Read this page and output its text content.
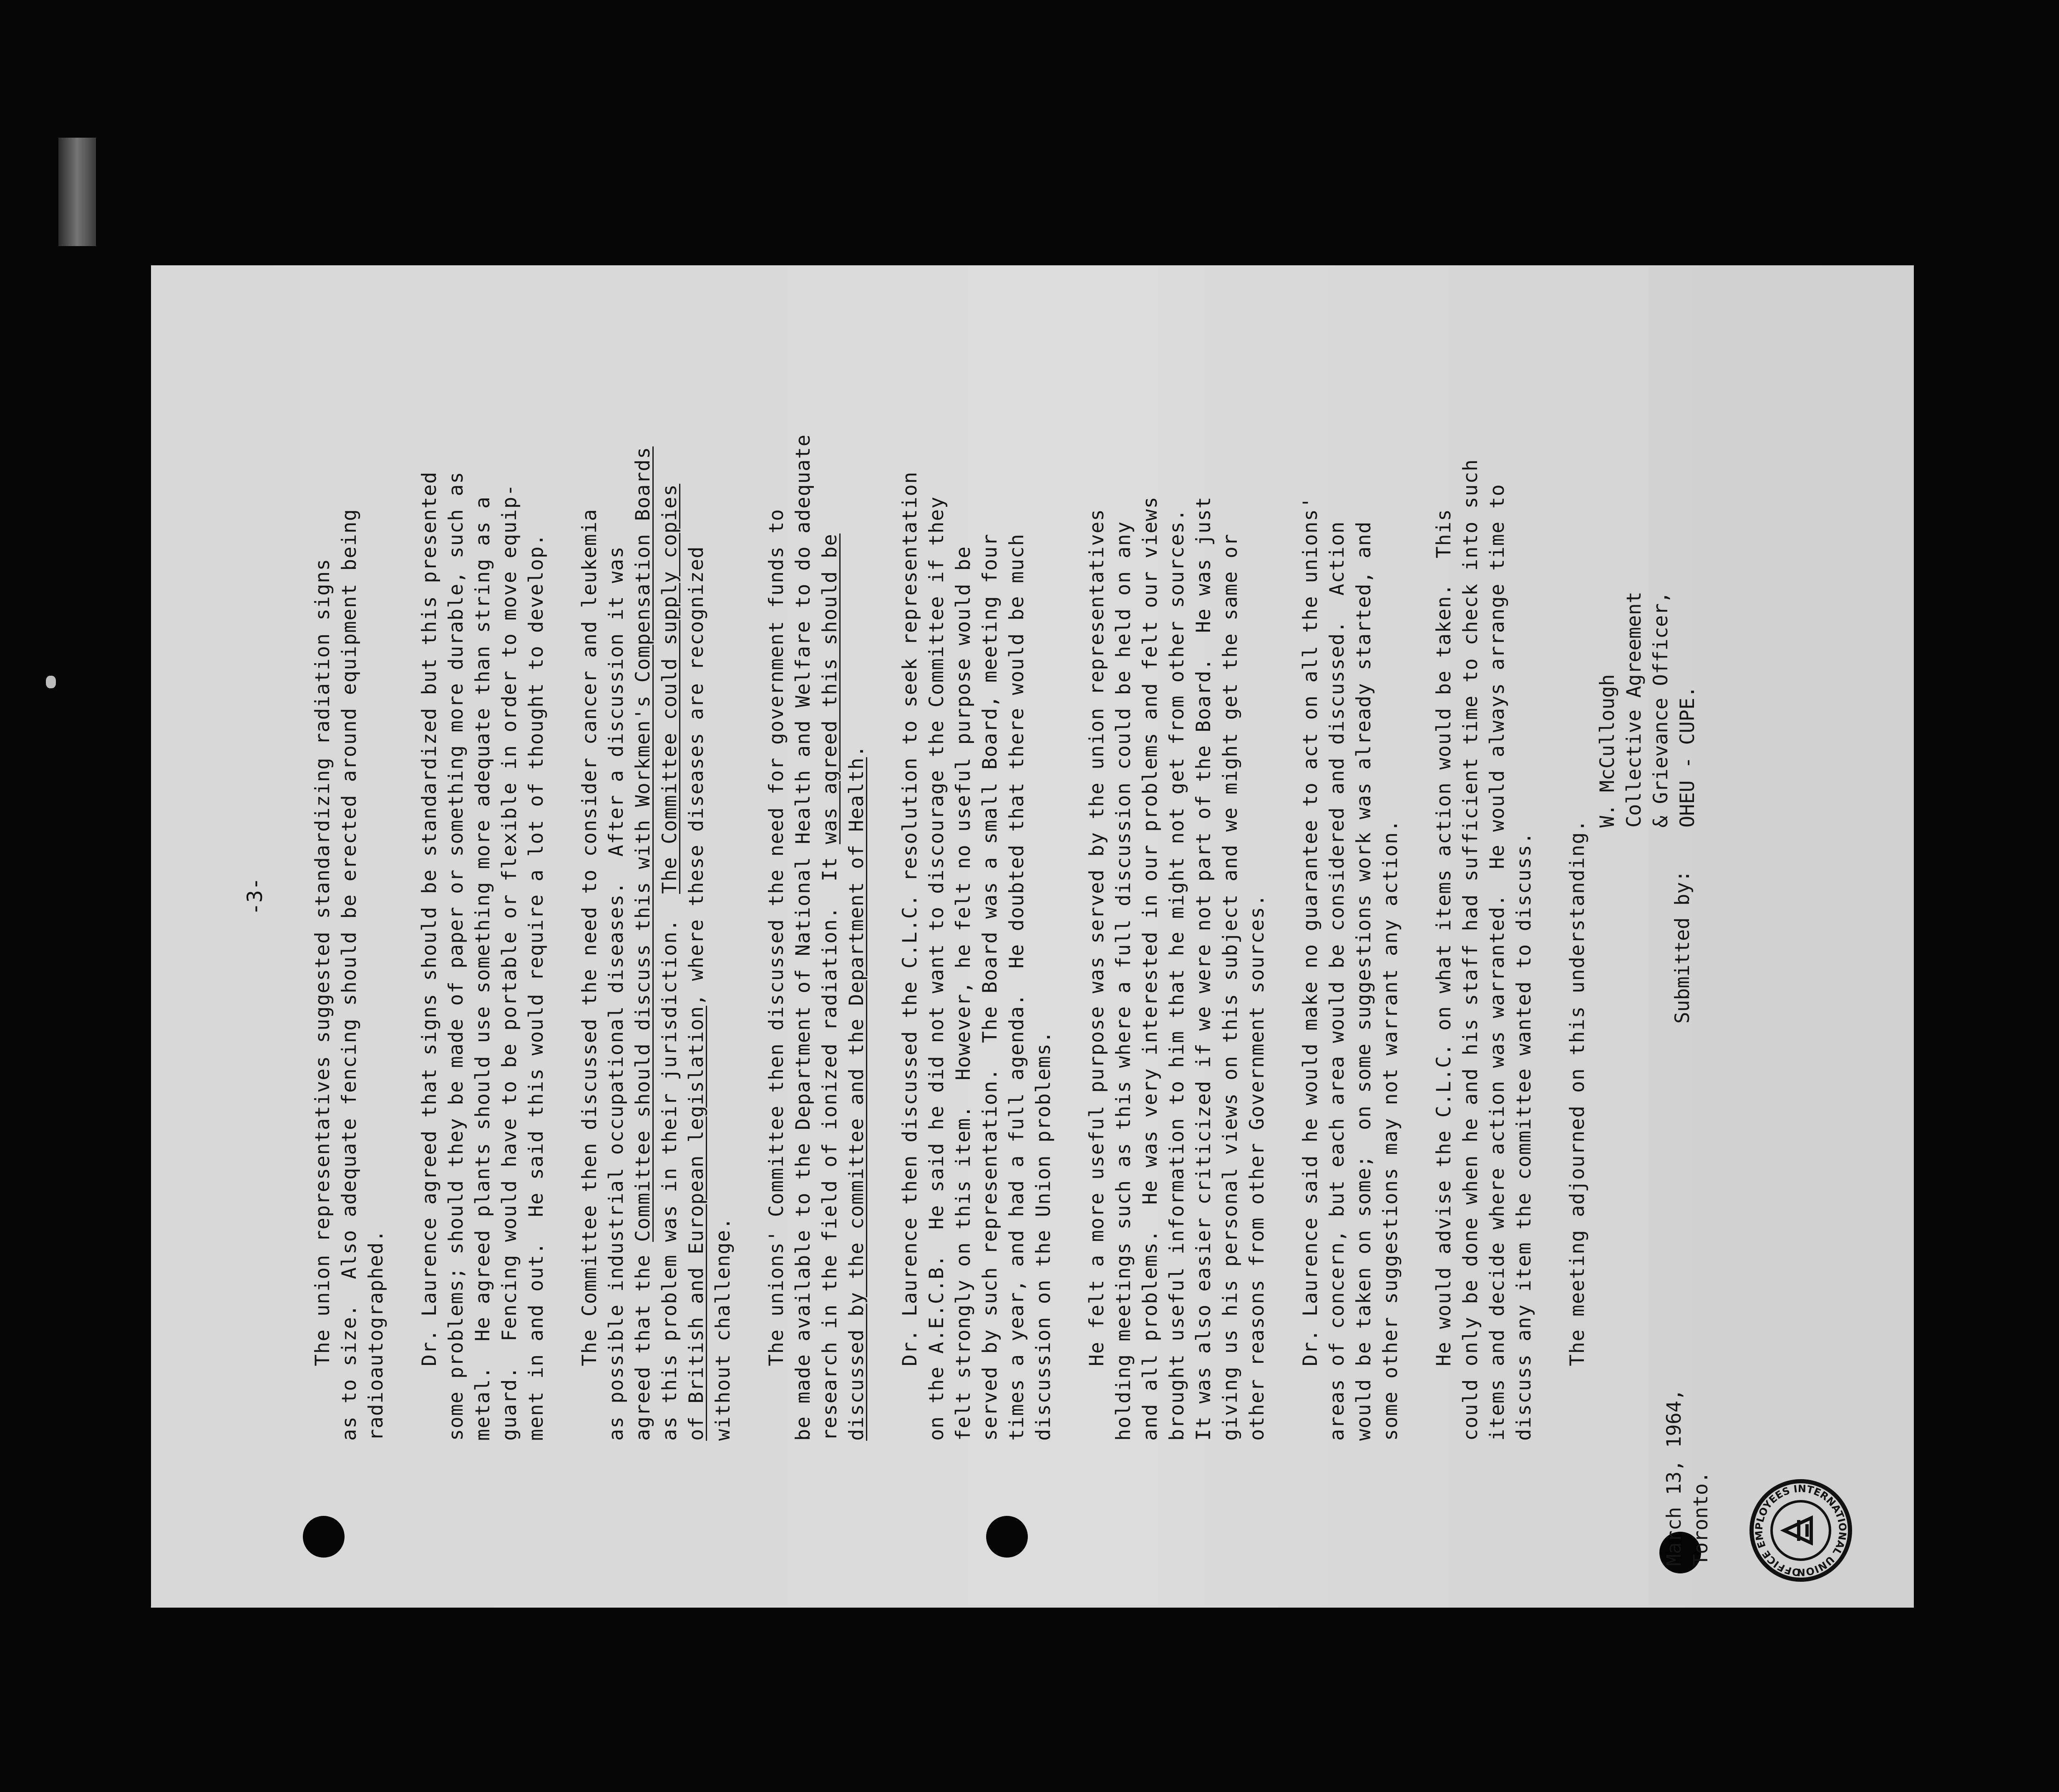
-3- The union representatives suggested standardizing radiation signs as to size.  Also adequate fencing should be erected around equipment being radioautographed. Dr. Laurence agreed that signs should be standardized but this presented some problems; should they be made of paper or something more durable, such as metal.  He agreed plants should use something more adequate than string as a guard.  Fencing would have to be portable or flexible in order to move equip- ment in and out.  He said this would require a lot of thought to develop. The Committee then discussed the need to consider cancer and leukemia as possible industrial occupational diseases.  After a discussion it was agreed that the Committee should discuss this with Workmen's Compensation Boards as this problem was in their jurisdiction.  The Committee could supply copies

of British and European legislation, where these diseases are recognized

without challenge. The unions' Committee then discussed the need for government funds to be made available to the Department of National Health and Welfare to do adequate research in the field of ionized radiation.  It was agreed this should be

discussed by the committee and the Department of Health. Dr. Laurence then discussed the C.L.C. resolution to seek representation on the A.E.C.B.  He said he did not want to discourage the Committee if they felt strongly on this item.  However, he felt no useful purpose would be served by such representation.  The Board was a small Board, meeting four times a year, and had a full agenda.  He doubted that there would be much discussion on the Union problems. He felt a more useful purpose was served by the union representatives holding meetings such as this where a full discussion could be held on any and all problems.  He was very interested in our problems and felt our views brought useful information to him that he might not get from other sources. It was also easier criticized if we were not part of the Board.  He was just giving us his personal views on this subject and we might get the same or other reasons from other Government sources. Dr. Laurence said he would make no guarantee to act on all the unions' areas of concern, but each area would be considered and discussed.  Action would be taken on some;  on some suggestions work was already started, and some other suggestions may not warrant any action. He would advise the C.L.C. on what items action would be taken.  This could only be done when he and his staff had sufficient time to check into such items and decide where action was warranted.  He would always arrange time to discuss any item the committee wanted to discuss. The meeting adjourned on this understanding.

March 13, 1964, Toronto.

Submitted by:

W. McCullough Collective Agreement & Grievance Officer, OHEU - CUPE.

OFFICE EMPLOYEES INTERNATIONAL UNION
